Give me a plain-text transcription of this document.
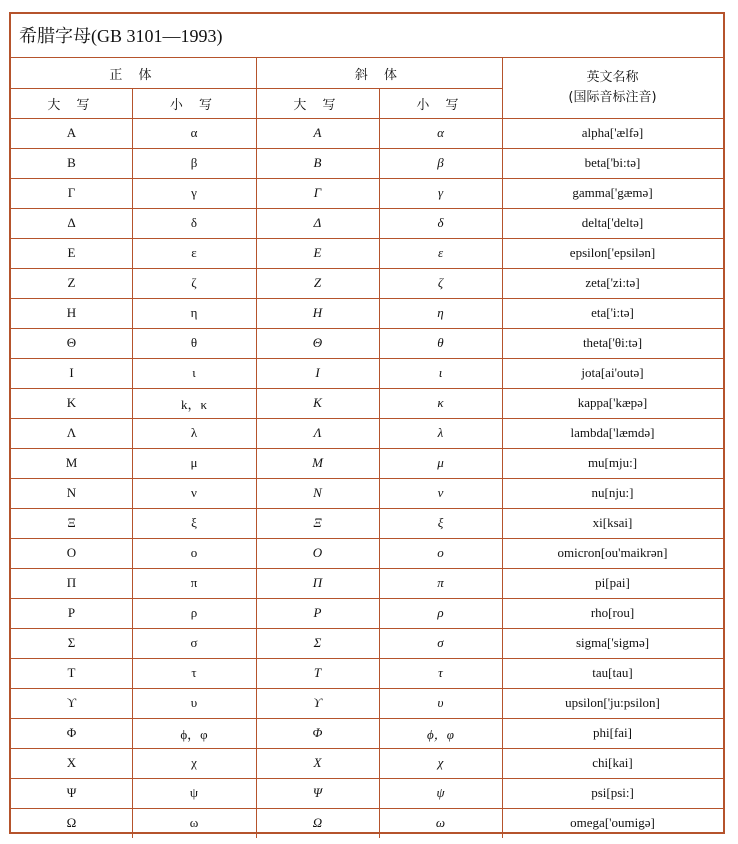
希腊字母(GB 3101—1993)
正 体	斜 体	英文名称
(国际音标注音)
大 写	小 写	大 写	小 写
Α	α	Α	α	alpha['ælfə]
Β	β	Β	β	beta['bi:tə]
Γ	γ	Γ	γ	gamma['gæmə]
Δ	δ	Δ	δ	delta['deltə]
Ε	ε	Ε	ε	epsilon['epsilən]
Ζ	ζ	Ζ	ζ	zeta['zi:tə]
Η	η	Η	η	eta['i:tə]
Θ	θ	Θ	θ	theta['θi:tə]
Ι	ι	Ι	ι	jota[ai'outə]
Κ	k，κ	Κ	κ	kappa['kæpə]
Λ	λ	Λ	λ	lambda['læmdə]
Μ	μ	Μ	μ	mu[mju:]
Ν	ν	Ν	ν	nu[nju:]
Ξ	ξ	Ξ	ξ	xi[ksai]
Ο	ο	Ο	ο	omicron[ou'maikrən]
Π	π	Π	π	pi[pai]
Ρ	ρ	Ρ	ρ	rho[rou]
Σ	σ	Σ	σ	sigma['sigmə]
Τ	τ	Τ	τ	tau[tau]
ϒ	υ	ϒ	υ	upsilon['ju:psilon]
Φ	ϕ，φ	Φ	ϕ，φ	phi[fai]
Χ	χ	Χ	χ	chi[kai]
Ψ	ψ	Ψ	ψ	psi[psi:]
Ω	ω	Ω	ω	omega['oumigə]
